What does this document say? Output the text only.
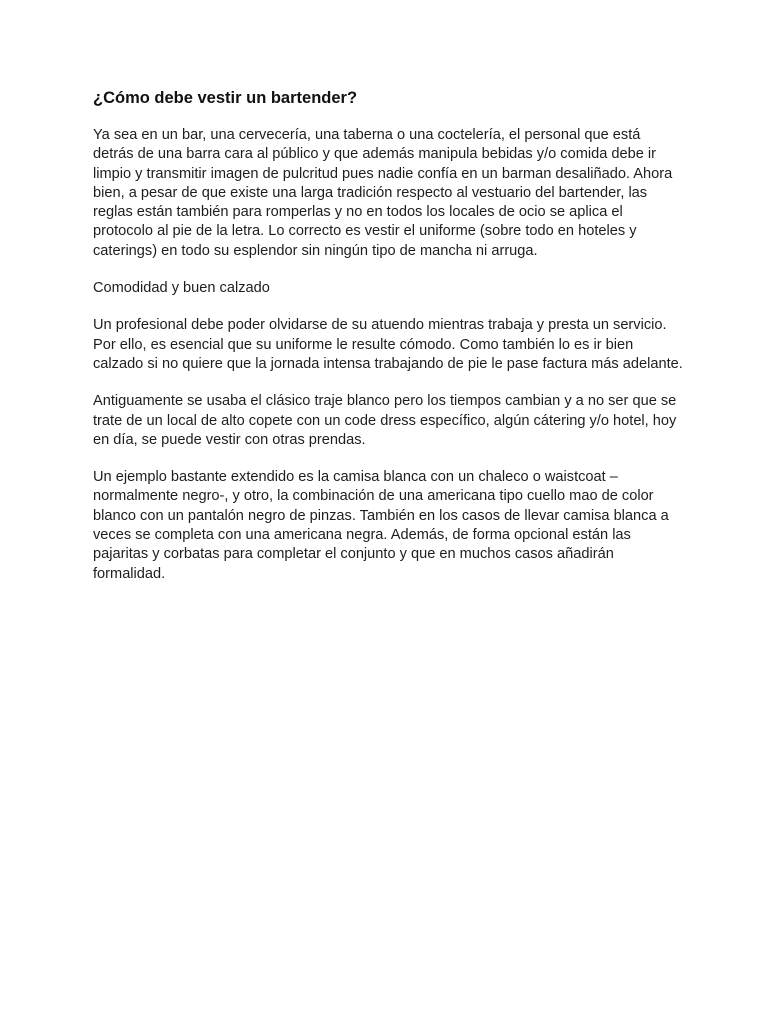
¿Cómo debe vestir un bartender?

Ya sea en un bar, una cervecería, una taberna o una coctelería, el personal que está detrás de una barra cara al público y que además manipula bebidas y/o comida debe ir limpio y transmitir imagen de pulcritud pues nadie confía en un barman desaliñado. Ahora bien, a pesar de que existe una larga tradición respecto al vestuario del bartender, las reglas están también para romperlas y no en todos los locales de ocio se aplica el protocolo al pie de la letra. Lo correcto es vestir el uniforme (sobre todo en hoteles y caterings) en todo su esplendor sin ningún tipo de mancha ni arruga.

Comodidad y buen calzado

Un profesional debe poder olvidarse de su atuendo mientras trabaja y presta un servicio. Por ello, es esencial que su uniforme le resulte cómodo. Como también lo es ir bien calzado si no quiere que la jornada intensa trabajando de pie le pase factura más adelante.

Antiguamente se usaba el clásico traje blanco pero los tiempos cambian y a no ser que se trate de un local de alto copete con un code dress específico, algún cátering y/o hotel, hoy en día, se puede vestir con otras prendas.

Un ejemplo bastante extendido es la camisa blanca con un chaleco o waistcoat – normalmente negro-, y otro, la combinación de una americana tipo cuello mao de color blanco con un pantalón negro de pinzas. También en los casos de llevar camisa blanca a veces se completa con una americana negra. Además, de forma opcional están las pajaritas y corbatas para completar el conjunto y que en muchos casos añadirán formalidad.
